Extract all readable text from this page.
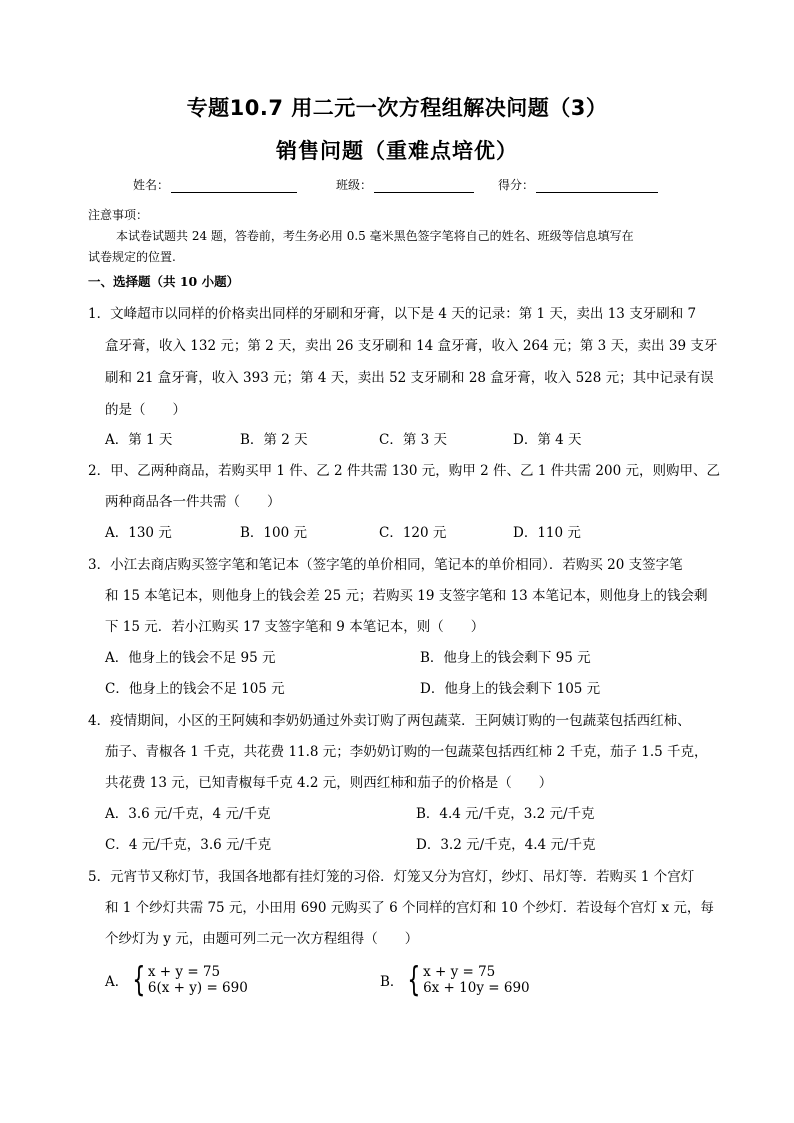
专题10.7 用二元一次方程组解决问题（3）
销售问题（重难点培优）
姓名：	班级：	得分：
注意事项：
本试卷试题共 24 题，答卷前，考生务必用 0.5 毫米黑色签字笔将自己的姓名、班级等信息填写在
试卷规定的位置.
一、选择题（共 10 小题）
1．文峰超市以同样的价格卖出同样的牙刷和牙膏，以下是 4 天的记录：第 1 天，卖出 13 支牙刷和 7
盒牙膏，收入 132 元；第 2 天，卖出 26 支牙刷和 14 盒牙膏，收入 264 元；第 3 天，卖出 39 支牙
刷和 21 盒牙膏，收入 393 元；第 4 天，卖出 52 支牙刷和 28 盒牙膏，收入 528 元；其中记录有误
的是（　　）
A．第 1 天	B．第 2 天	C．第 3 天	D．第 4 天
2．甲、乙两种商品，若购买甲 1 件、乙 2 件共需 130 元，购甲 2 件、乙 1 件共需 200 元，则购甲、乙
两种商品各一件共需（　　）
A．130 元	B．100 元	C．120 元	D．110 元
3．小江去商店购买签字笔和笔记本（签字笔的单价相同，笔记本的单价相同）．若购买 20 支签字笔
和 15 本笔记本，则他身上的钱会差 25 元；若购买 19 支签字笔和 13 本笔记本，则他身上的钱会剩
下 15 元．若小江购买 17 支签字笔和 9 本笔记本，则（　　）
A．他身上的钱会不足 95 元	B．他身上的钱会剩下 95 元
C．他身上的钱会不足 105 元	D．他身上的钱会剩下 105 元
4．疫情期间，小区的王阿姨和李奶奶通过外卖订购了两包蔬菜．王阿姨订购的一包蔬菜包括西红柿、
茄子、青椒各 1 千克，共花费 11.8 元；李奶奶订购的一包蔬菜包括西红柿 2 千克，茄子 1.5 千克，
共花费 13 元，已知青椒每千克 4.2 元，则西红柿和茄子的价格是（　　）
A．3.6 元/千克，4 元/千克	B．4.4 元/千克，3.2 元/千克
C．4 元/千克，3.6 元/千克	D．3.2 元/千克，4.4 元/千克
5．元宵节又称灯节，我国各地都有挂灯笼的习俗．灯笼又分为宫灯，纱灯、吊灯等．若购买 1 个宫灯
和 1 个纱灯共需 75 元，小田用 690 元购买了 6 个同样的宫灯和 10 个纱灯．若设每个宫灯 x 元，每
个纱灯为 y 元，由题可列二元一次方程组得（　　）
A． { x + y = 75
6(x + y) = 690	B． { x + y = 75
6x + 10y = 690
